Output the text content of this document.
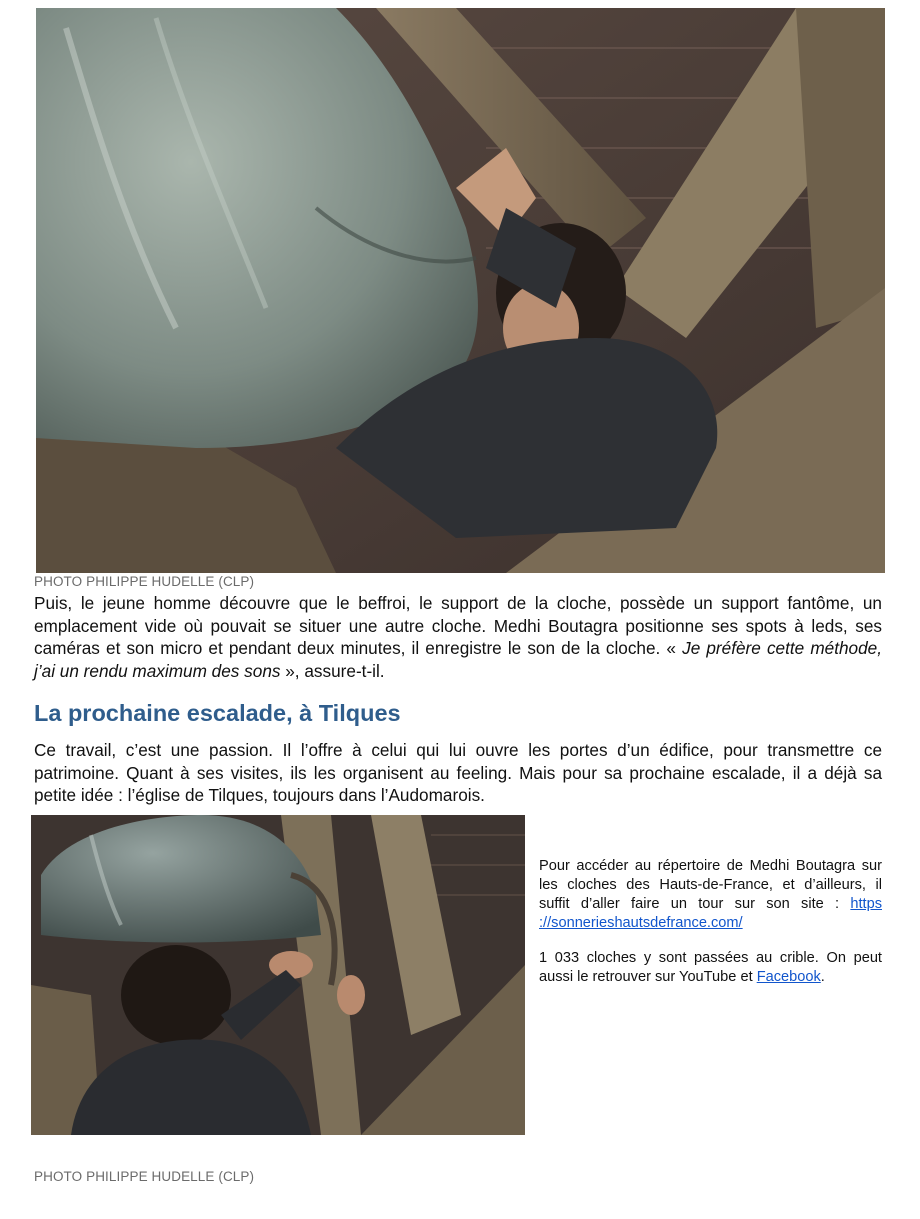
PHOTO PHILIPPE HUDELLE (CLP)

Puis, le jeune homme découvre que le beffroi, le support de la cloche, possède un support fantôme, un emplacement vide où pouvait se situer une autre cloche. Medhi Boutagra positionne ses spots à leds, ses caméras et son micro et pendant deux minutes, il enregistre le son de la cloche. « Je préfère cette méthode, j’ai un rendu maximum des sons », assure-t-il.

La prochaine escalade, à Tilques

Ce travail, c’est une passion. Il l’offre à celui qui lui ouvre les portes d’un édifice, pour transmettre ce patrimoine. Quant à ses visites, ils les organisent au feeling. Mais pour sa prochaine escalade, il a déjà sa petite idée : l’église de Tilques, toujours dans l’Audomarois.

Pour accéder au répertoire de Medhi Boutagra sur les cloches des Hauts-de-France, et d’ailleurs, il suffit d’aller faire un tour sur son site : https ://sonnerieshautsdefrance.com/

1 033 cloches y sont passées au crible. On peut aussi le retrouver sur YouTube et Facebook.

PHOTO PHILIPPE HUDELLE (CLP)
